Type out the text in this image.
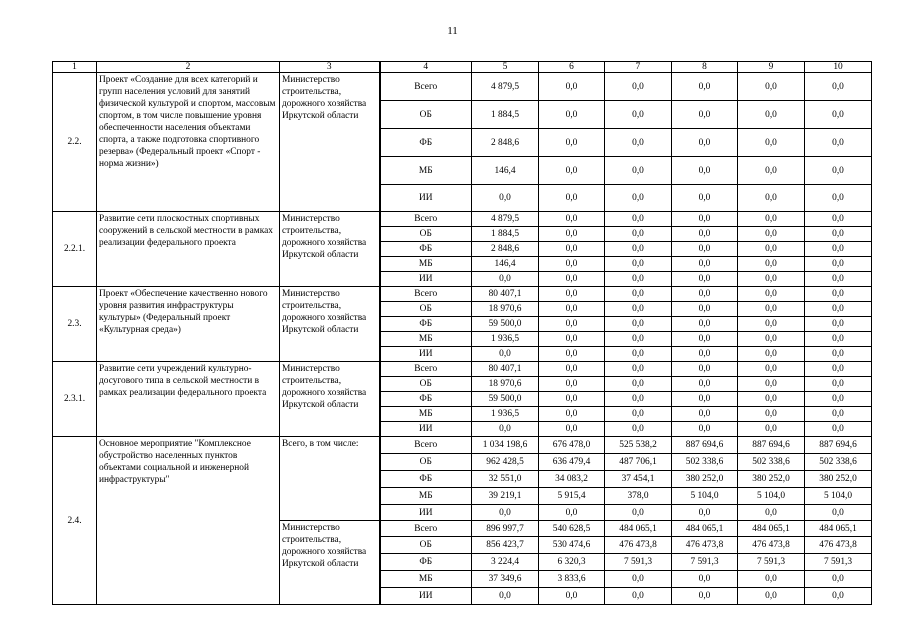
11
1	2	3	4	5	6	7	8	9	10
2.2.	Проект «Создание для всех категорий и групп населения условий для занятий физической культурой и спортом, массовым спортом, в том числе повышение уровня обеспеченности населения объектами спорта, а также подготовка спортивного резерва» (Федеральный проект «Спорт - норма жизни»)	Министерство строительства, дорожного хозяйства Иркутской области	Всего	4 879,5	0,0	0,0	0,0	0,0	0,0
			ОБ	1 884,5	0,0	0,0	0,0	0,0	0,0
			ФБ	2 848,6	0,0	0,0	0,0	0,0	0,0
			МБ	146,4	0,0	0,0	0,0	0,0	0,0
			ИИ	0,0	0,0	0,0	0,0	0,0	0,0
2.2.1.	Развитие сети плоскостных спортивных сооружений в сельской местности в рамках реализации федерального проекта	Министерство строительства, дорожного хозяйства Иркутской области	Всего	4 879,5	0,0	0,0	0,0	0,0	0,0
			ОБ	1 884,5	0,0	0,0	0,0	0,0	0,0
			ФБ	2 848,6	0,0	0,0	0,0	0,0	0,0
			МБ	146,4	0,0	0,0	0,0	0,0	0,0
			ИИ	0,0	0,0	0,0	0,0	0,0	0,0
2.3.	Проект «Обеспечение качественно нового уровня развития инфраструктуры культуры» (Федеральный проект «Культурная среда»)	Министерство строительства, дорожного хозяйства Иркутской области	Всего	80 407,1	0,0	0,0	0,0	0,0	0,0
			ОБ	18 970,6	0,0	0,0	0,0	0,0	0,0
			ФБ	59 500,0	0,0	0,0	0,0	0,0	0,0
			МБ	1 936,5	0,0	0,0	0,0	0,0	0,0
			ИИ	0,0	0,0	0,0	0,0	0,0	0,0
2.3.1.	Развитие сети учреждений культурно-досугового типа в сельской местности в рамках реализации федерального проекта	Министерство строительства, дорожного хозяйства Иркутской области	Всего	80 407,1	0,0	0,0	0,0	0,0	0,0
			ОБ	18 970,6	0,0	0,0	0,0	0,0	0,0
			ФБ	59 500,0	0,0	0,0	0,0	0,0	0,0
			МБ	1 936,5	0,0	0,0	0,0	0,0	0,0
			ИИ	0,0	0,0	0,0	0,0	0,0	0,0
2.4.	Основное мероприятие "Комплексное обустройство населенных пунктов объектами социальной и инженерной инфраструктуры"	Всего, в том числе:	Всего	1 034 198,6	676 478,0	525 538,2	887 694,6	887 694,6	887 694,6
			ОБ	962 428,5	636 479,4	487 706,1	502 338,6	502 338,6	502 338,6
			ФБ	32 551,0	34 083,2	37 454,1	380 252,0	380 252,0	380 252,0
			МБ	39 219,1	5 915,4	378,0	5 104,0	5 104,0	5 104,0
			ИИ	0,0	0,0	0,0	0,0	0,0	0,0
		Министерство строительства, дорожного хозяйства Иркутской области	Всего	896 997,7	540 628,5	484 065,1	484 065,1	484 065,1	484 065,1
			ОБ	856 423,7	530 474,6	476 473,8	476 473,8	476 473,8	476 473,8
			ФБ	3 224,4	6 320,3	7 591,3	7 591,3	7 591,3	7 591,3
			МБ	37 349,6	3 833,6	0,0	0,0	0,0	0,0
			ИИ	0,0	0,0	0,0	0,0	0,0	0,0
